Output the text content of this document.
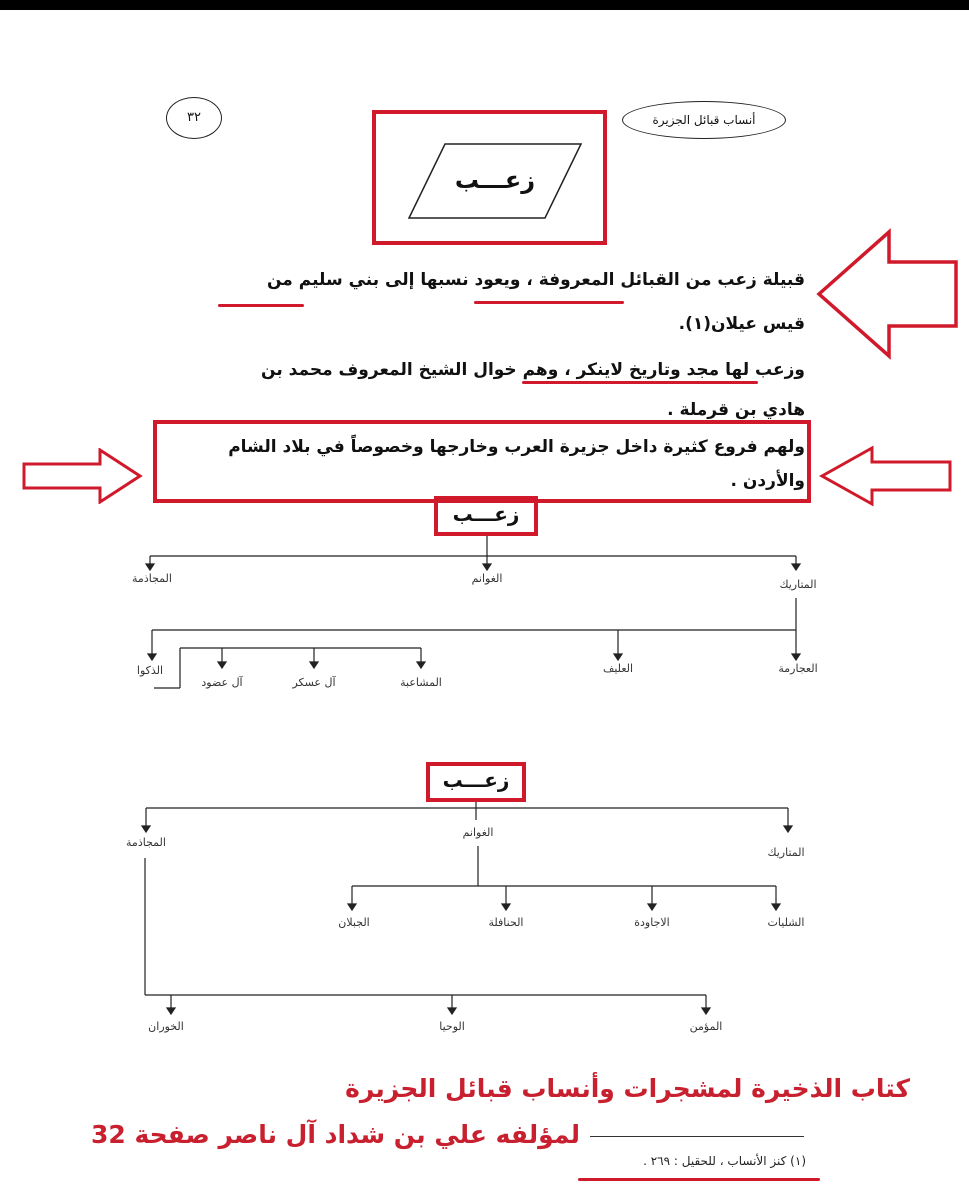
أنساب قبائل الجزيرة
٣٢
زعـــب
قبيلة زعب من القبائل المعروفة ، ويعود نسبها إلى بني سليم من
قيس عيلان(١).
وزعب لها مجد وتاريخ لاينكر ، وهم خوال الشيخ المعروف محمد بن
هادي بن قرملة .
ولهم فروع كثيرة داخل جزيرة العرب وخارجها وخصوصاً في بلاد الشام
والأردن .
زعـــب
المتاريك
الغوانم
المجاذمة
العجارمة
العليف
المشاعبة
آل عسكر
آل عضود
الذكوا
زعـــب
المتاريك
الغوانم
المجاذمة
الشليات
الاجاودة
الحنافلة
الجبلان
المؤمن
الوحيا
الخوران
كتاب الذخيرة لمشجرات وأنساب قبائل الجزيرة
لمؤلفه علي بن شداد آل ناصر صفحة 32
(١) كنز الأنساب ، للحقيل : ٢٦٩ .
